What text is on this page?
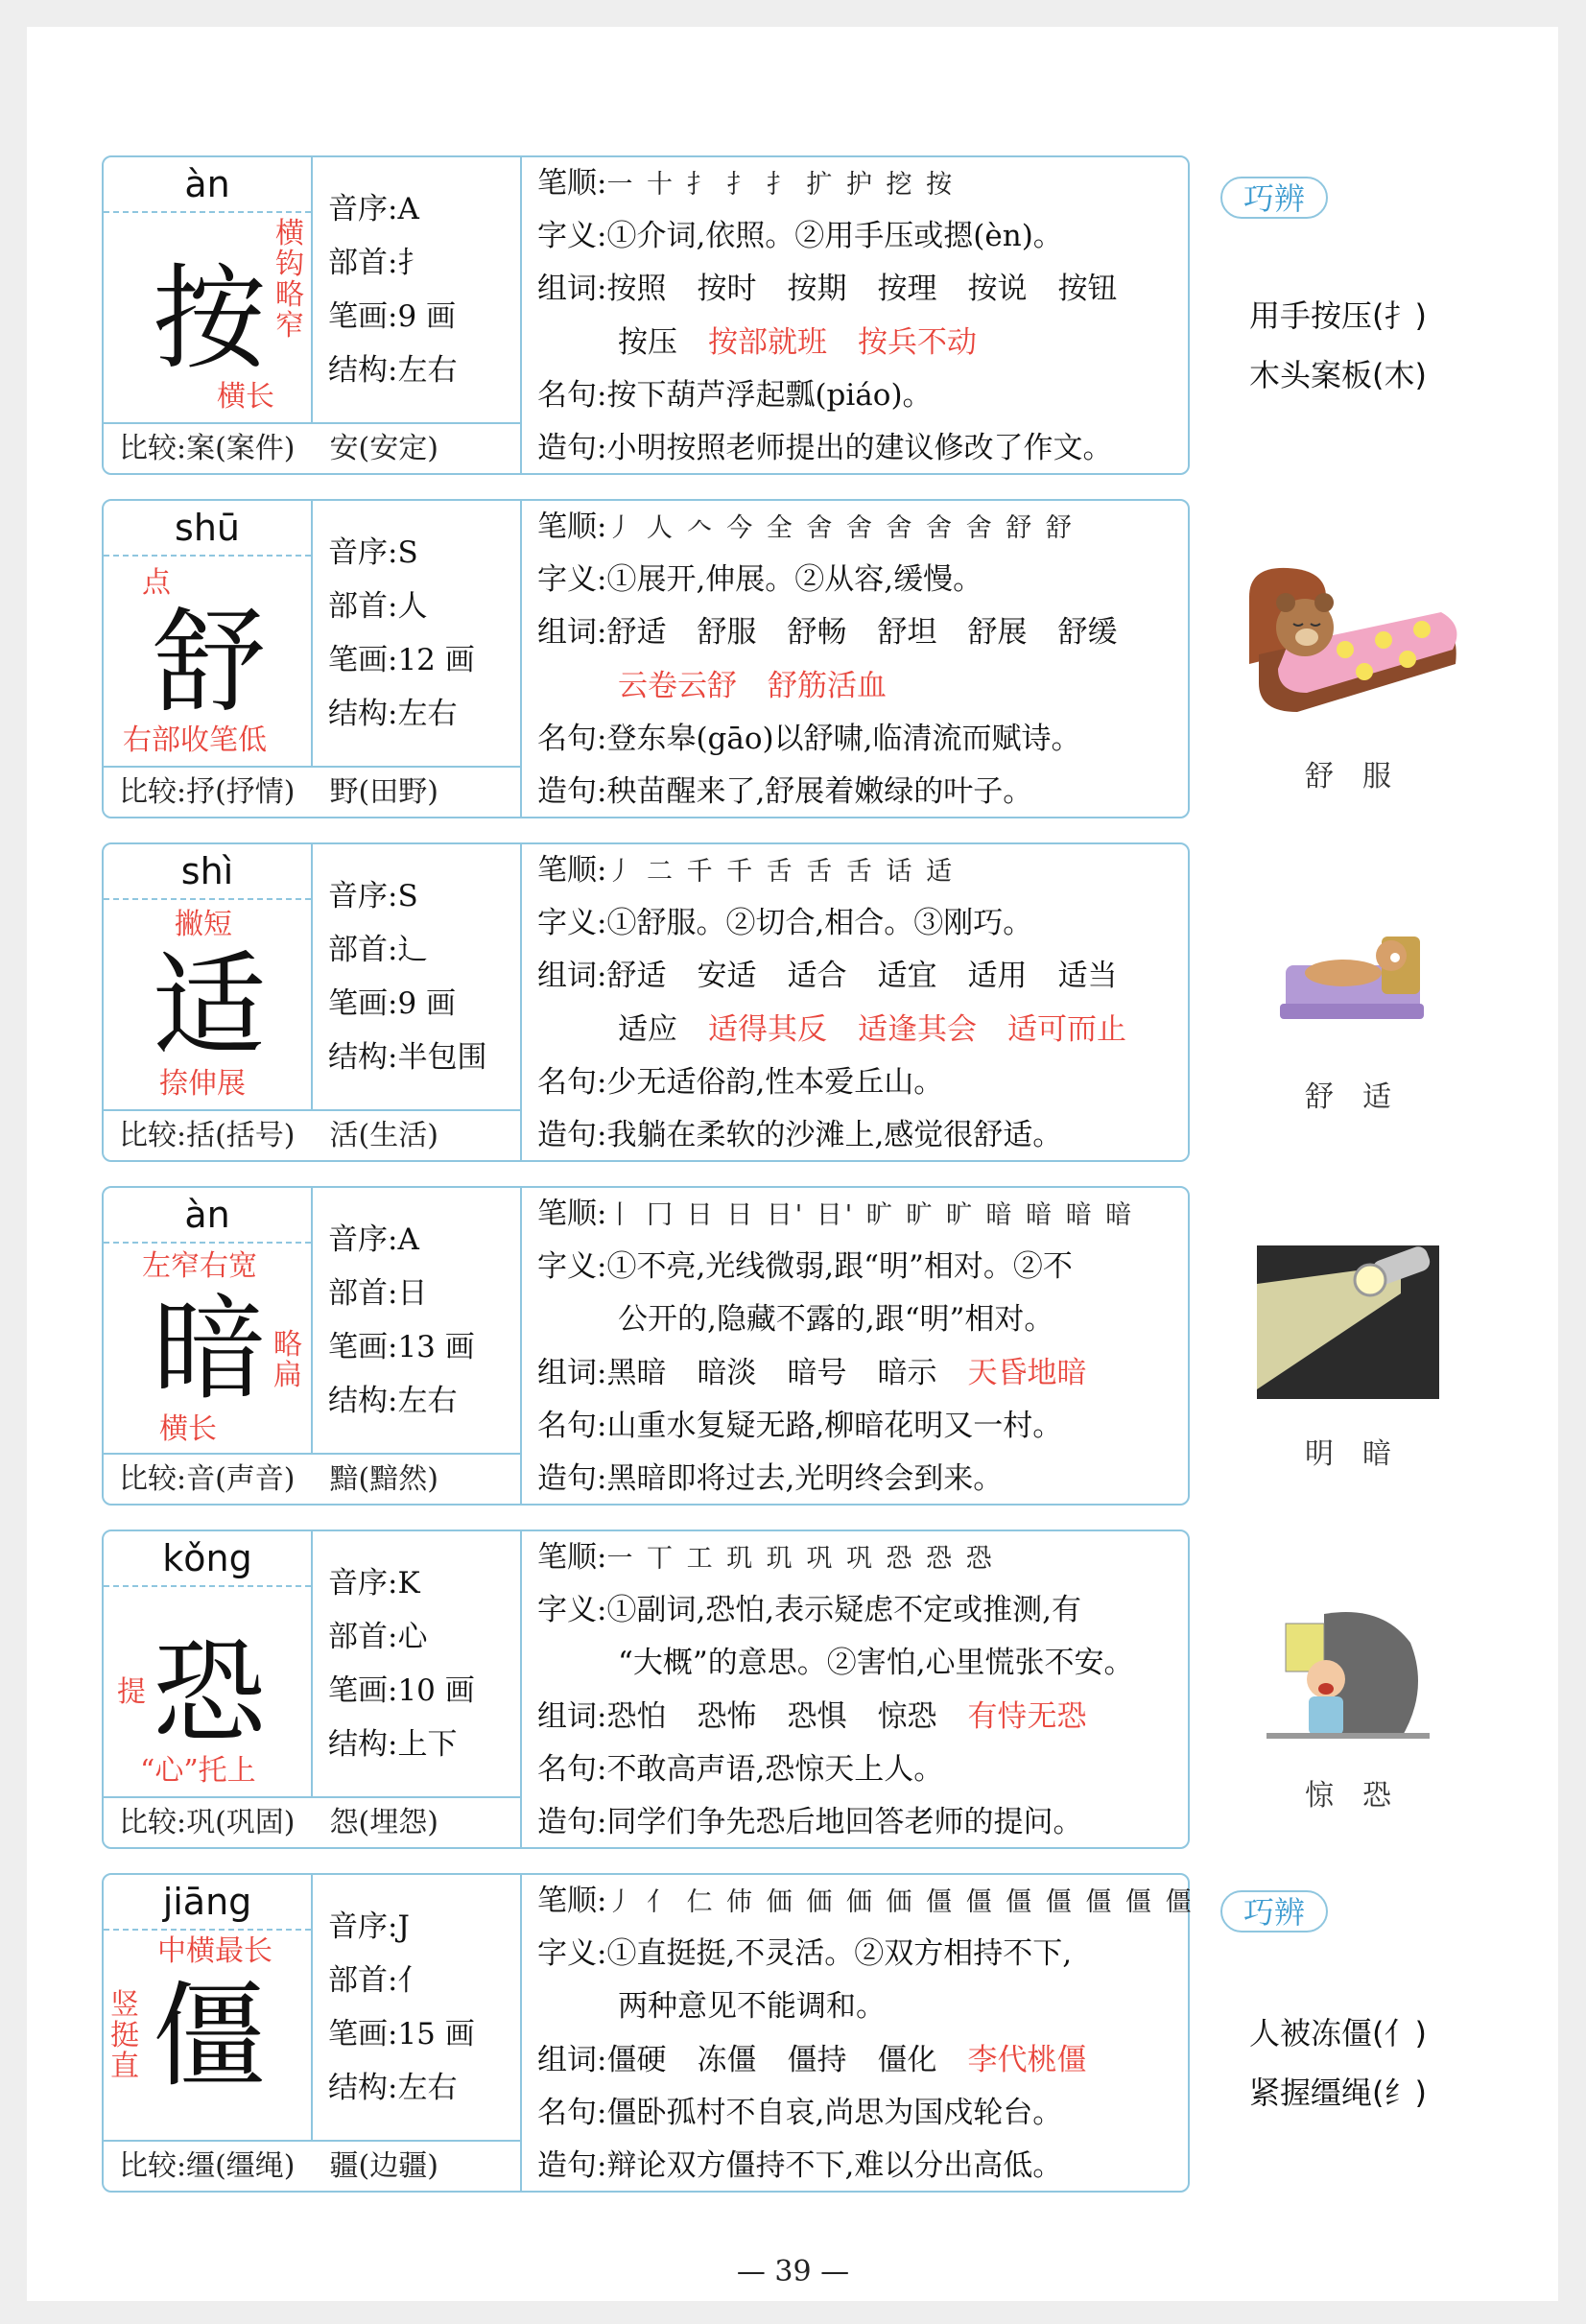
àn
按
横钩略窄
横长
音序:A
部首:扌
笔画:9 画
结构:左右
比较:案(案件) 安(安定)
笔顺:一 十 扌 扌 扌 扩 护 挖 按
字义:①介词,依照。②用手压或摁(èn)。
组词:按照 按时 按期 按理 按说 按钮
按压 按部就班 按兵不动
名句:按下葫芦浮起瓢(piáo)。
造句:小明按照老师提出的建议修改了作文。
shū
舒
点
右部收笔低
音序:S
部首:人
笔画:12 画
结构:左右
比较:抒(抒情) 野(田野)
笔顺:丿 人 𠆢 今 全 舍 舍 舍 舍 舍 舒 舒
字义:①展开,伸展。②从容,缓慢。
组词:舒适 舒服 舒畅 舒坦 舒展 舒缓
云卷云舒 舒筋活血
名句:登东皋(gāo)以舒啸,临清流而赋诗。
造句:秧苗醒来了,舒展着嫩绿的叶子。
shì
适
撇短
捺伸展
音序:S
部首:辶
笔画:9 画
结构:半包围
比较:括(括号) 活(生活)
笔顺:丿 二 千 千 舌 舌 舌 话 适
字义:①舒服。②切合,相合。③刚巧。
组词:舒适 安适 适合 适宜 适用 适当
适应 适得其反 适逢其会 适可而止
名句:少无适俗韵,性本爱丘山。
造句:我躺在柔软的沙滩上,感觉很舒适。
àn
暗
左窄右宽
略扁
横长
音序:A
部首:日
笔画:13 画
结构:左右
比较:音(声音) 黯(黯然)
笔顺:丨 冂 日 日 日' 日' 旷 旷 旷 暗 暗 暗 暗
字义:①不亮,光线微弱,跟“明”相对。②不
公开的,隐藏不露的,跟“明”相对。
组词:黑暗 暗淡 暗号 暗示 天昏地暗
名句:山重水复疑无路,柳暗花明又一村。
造句:黑暗即将过去,光明终会到来。
kǒng
恐
提
“心”托上
音序:K
部首:心
笔画:10 画
结构:上下
比较:巩(巩固) 怨(埋怨)
笔顺:一 丅 工 玑 玑 巩 巩 恐 恐 恐
字义:①副词,恐怕,表示疑虑不定或推测,有
“大概”的意思。②害怕,心里慌张不安。
组词:恐怕 恐怖 恐惧 惊恐 有恃无恐
名句:不敢高声语,恐惊天上人。
造句:同学们争先恐后地回答老师的提问。
jiāng
僵
中横最长
竖挺直
音序:J
部首:亻
笔画:15 画
结构:左右
比较:缰(缰绳) 疆(边疆)
笔顺:丿 亻 仁 伂 価 価 価 価 僵 僵 僵 僵 僵 僵 僵
字义:①直挺挺,不灵活。②双方相持不下,
两种意见不能调和。
组词:僵硬 冻僵 僵持 僵化 李代桃僵
名句:僵卧孤村不自哀,尚思为国戍轮台。
造句:辩论双方僵持不下,难以分出高低。
巧辨
用手按压(扌)
木头案板(木)
舒服
舒适
明暗
惊恐
巧辨
人被冻僵(亻)
紧握缰绳(纟)
— 39 —
